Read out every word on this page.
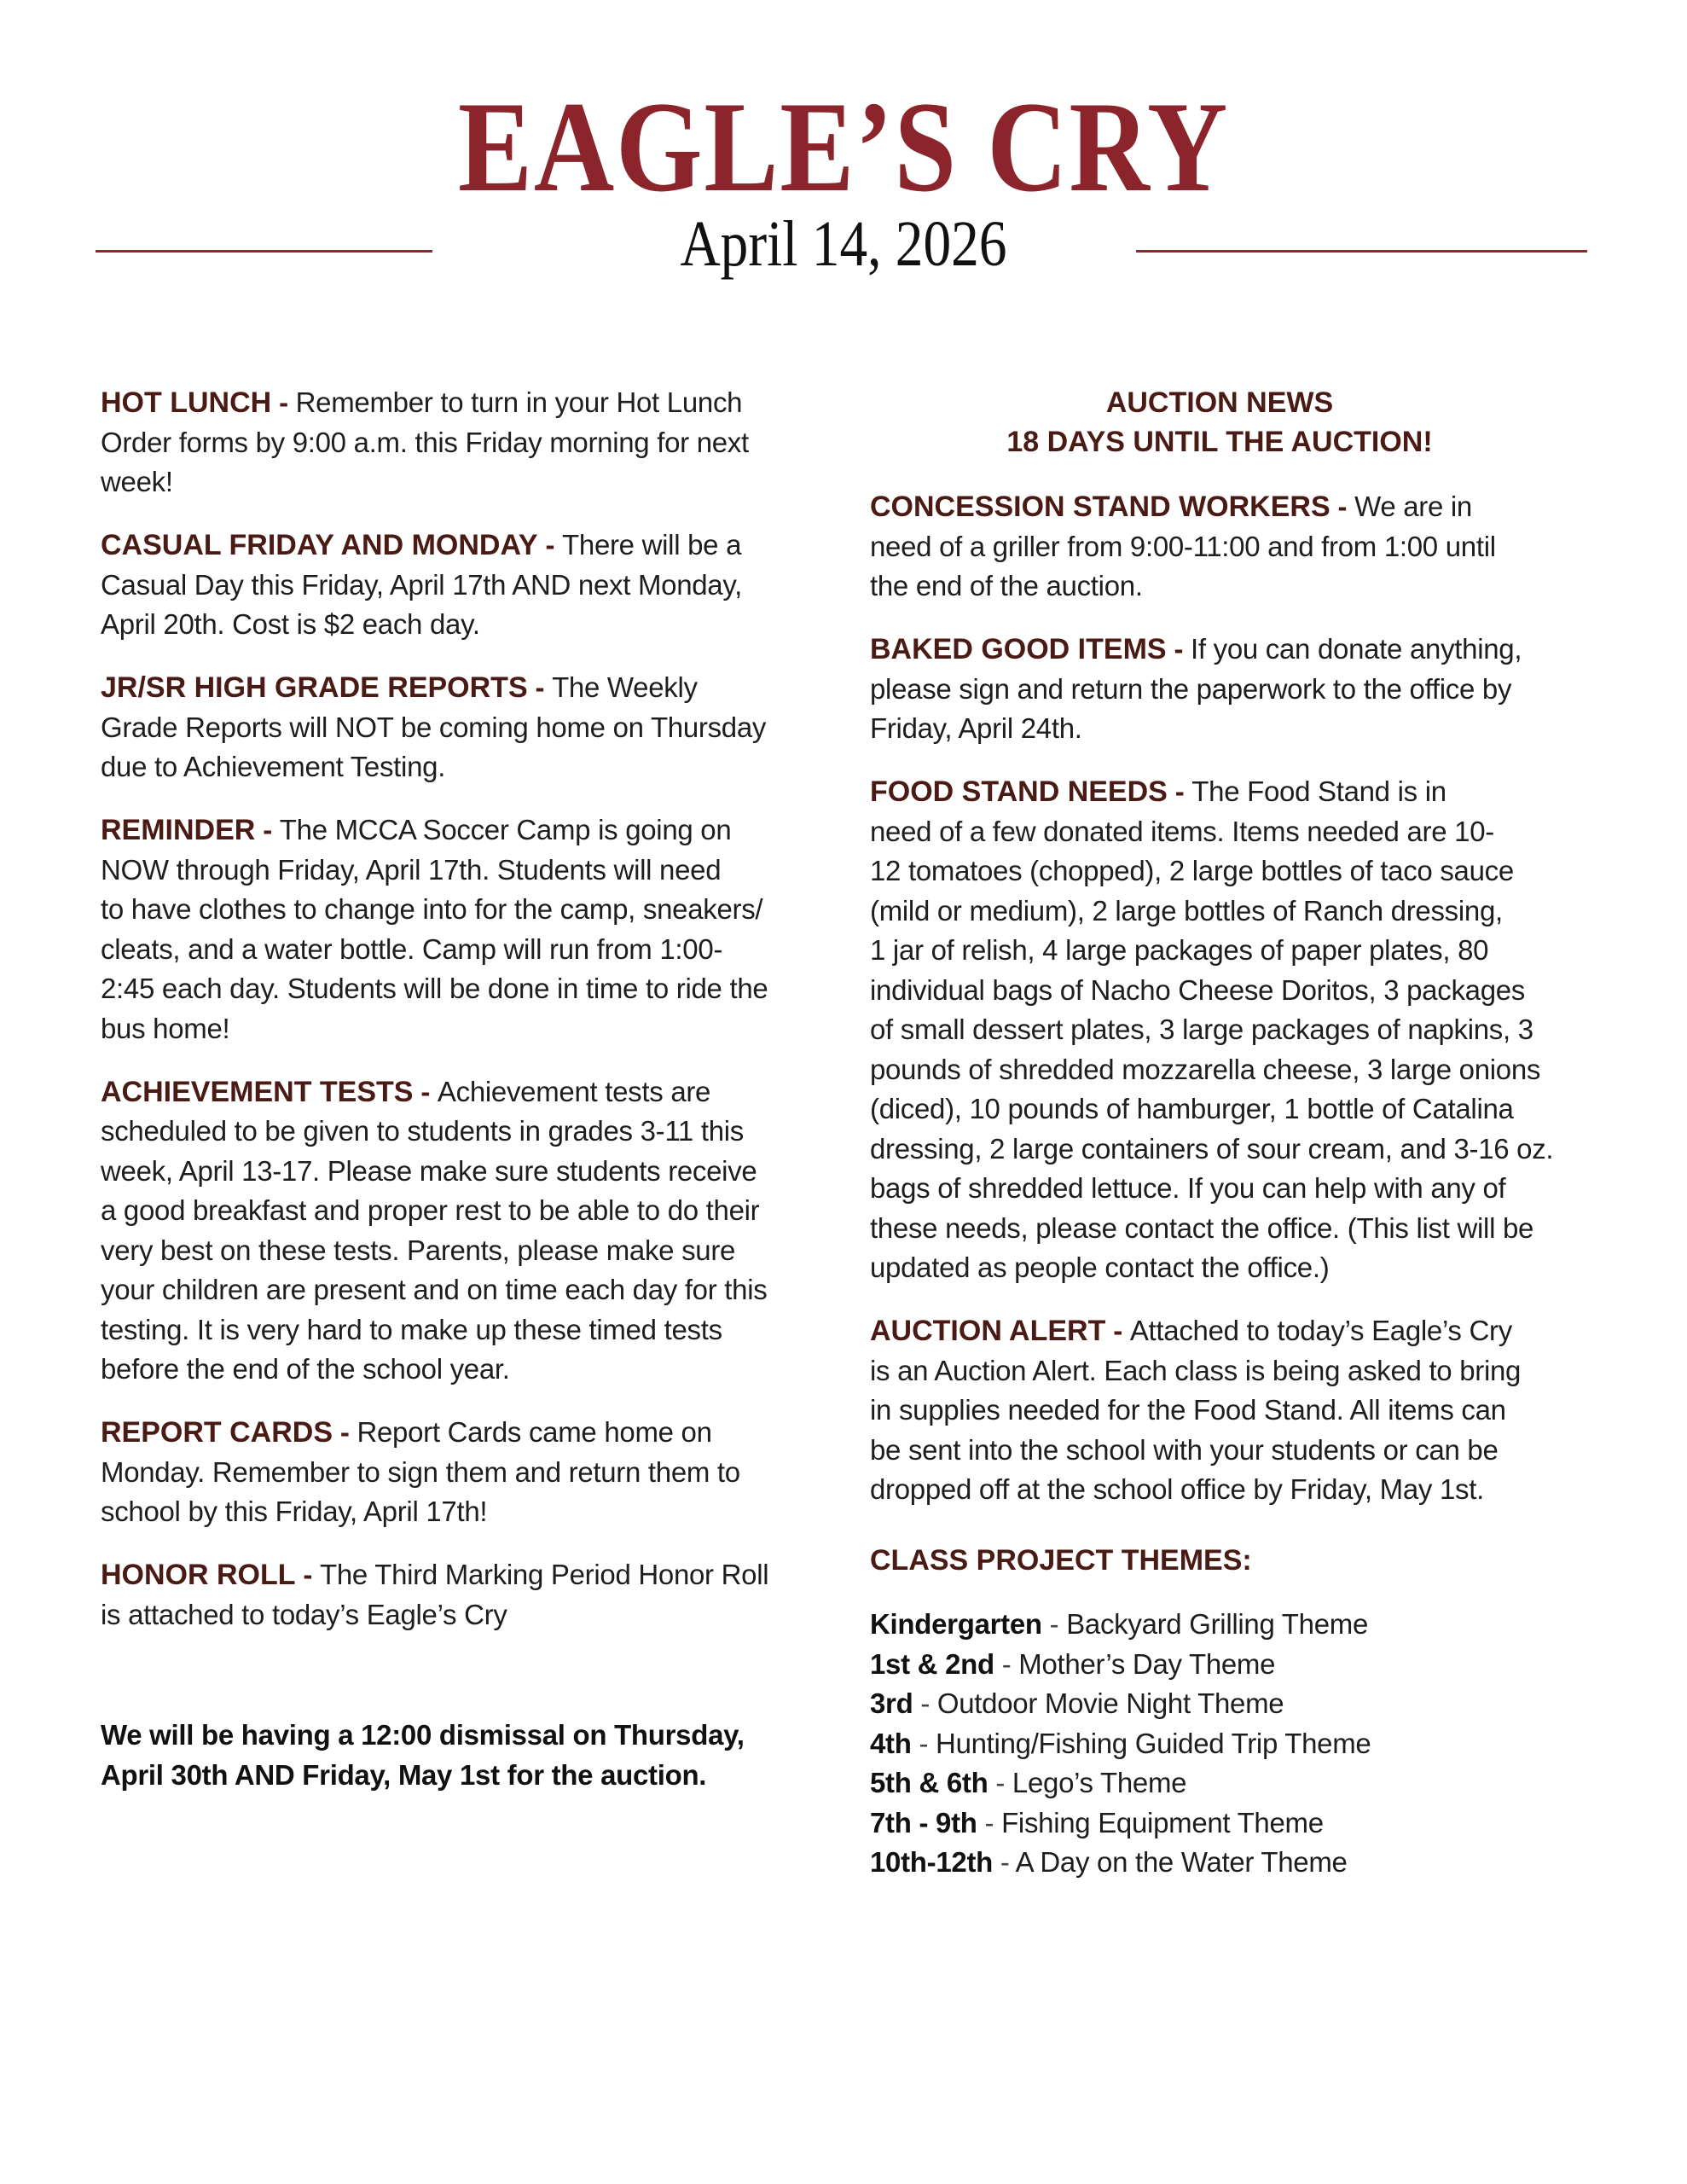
EAGLE’S CRY
April 14, 2026
HOT LUNCH - Remember to turn in your Hot Lunch
Order forms by 9:00 a.m. this Friday morning for next
week!
CASUAL FRIDAY AND MONDAY - There will be a
Casual Day this Friday, April 17th AND next Monday,
April 20th. Cost is $2 each day.
JR/SR HIGH GRADE REPORTS - The Weekly
Grade Reports will NOT be coming home on Thursday
due to Achievement Testing.
REMINDER - The MCCA Soccer Camp is going on
NOW through Friday, April 17th. Students will need
to have clothes to change into for the camp, sneakers/
cleats, and a water bottle. Camp will run from 1:00-
2:45 each day. Students will be done in time to ride the
bus home!
ACHIEVEMENT TESTS - Achievement tests are
scheduled to be given to students in grades 3-11 this
week, April 13-17. Please make sure students receive
a good breakfast and proper rest to be able to do their
very best on these tests. Parents, please make sure
your children are present and on time each day for this
testing. It is very hard to make up these timed tests
before the end of the school year.
REPORT CARDS - Report Cards came home on
Monday. Remember to sign them and return them to
school by this Friday, April 17th!
HONOR ROLL - The Third Marking Period Honor Roll
is attached to today’s Eagle’s Cry
We will be having a 12:00 dismissal on Thursday,
April 30th AND Friday, May 1st for the auction.
AUCTION NEWS
18 DAYS UNTIL THE AUCTION!
CONCESSION STAND WORKERS - We are in
need of a griller from 9:00-11:00 and from 1:00 until
the end of the auction.
BAKED GOOD ITEMS - If you can donate anything,
please sign and return the paperwork to the office by
Friday, April 24th.
FOOD STAND NEEDS - The Food Stand is in
need of a few donated items. Items needed are 10-
12 tomatoes (chopped), 2 large bottles of taco sauce
(mild or medium), 2 large bottles of Ranch dressing,
1 jar of relish, 4 large packages of paper plates, 80
individual bags of Nacho Cheese Doritos, 3 packages
of small dessert plates, 3 large packages of napkins, 3
pounds of shredded mozzarella cheese, 3 large onions
(diced), 10 pounds of hamburger, 1 bottle of Catalina
dressing, 2 large containers of sour cream, and 3-16 oz.
bags of shredded lettuce. If you can help with any of
these needs, please contact the office. (This list will be
updated as people contact the office.)
AUCTION ALERT - Attached to today’s Eagle’s Cry
is an Auction Alert. Each class is being asked to bring
in supplies needed for the Food Stand. All items can
be sent into the school with your students or can be
dropped off at the school office by Friday, May 1st.
CLASS PROJECT THEMES:
Kindergarten - Backyard Grilling Theme
1st & 2nd - Mother’s Day Theme
3rd - Outdoor Movie Night Theme
4th - Hunting/Fishing Guided Trip Theme
5th & 6th - Lego’s Theme
7th - 9th - Fishing Equipment Theme
10th-12th - A Day on the Water Theme
